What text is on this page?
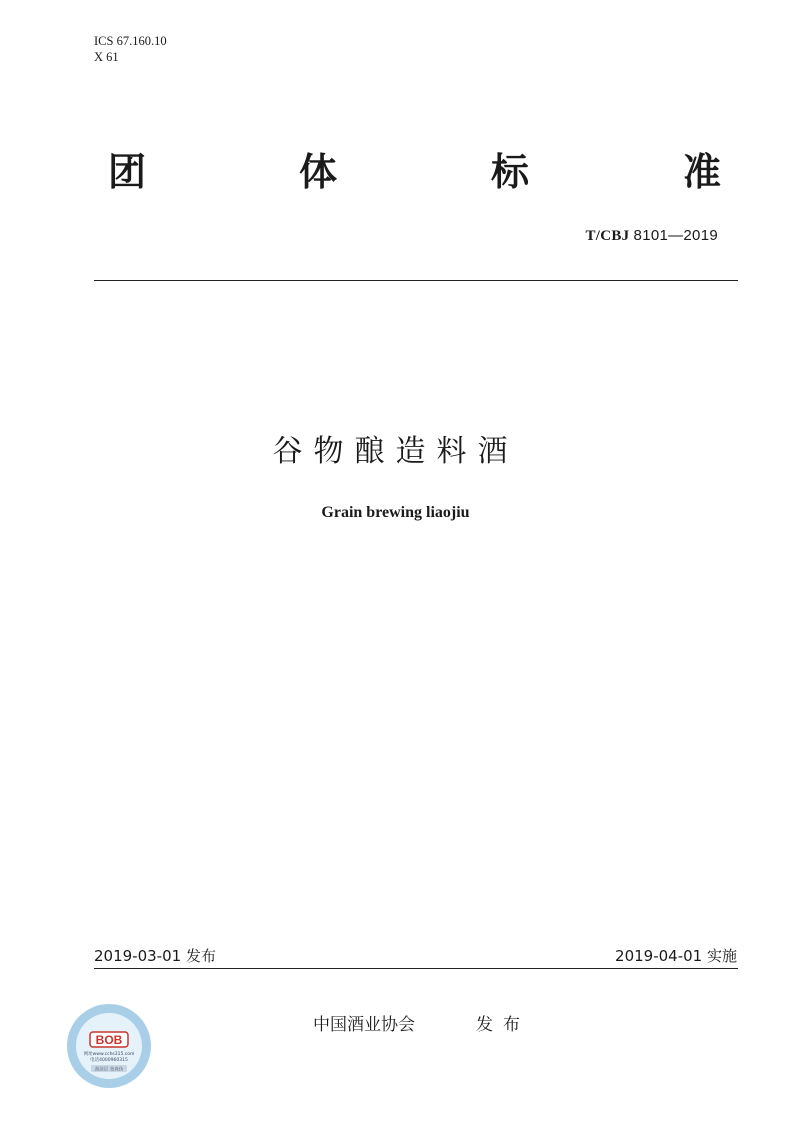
ICS 67.160.10
X 61
团	体	标	准
T/CBJ 8101—2019
谷物酿造料酒
Grain brewing liaojiu
2019-03-01 发布	2019-04-01 实施
中国酒业协会	发布
BOB
网址www.cchs315.com
电话4000960315
刮涂层 查真伪
